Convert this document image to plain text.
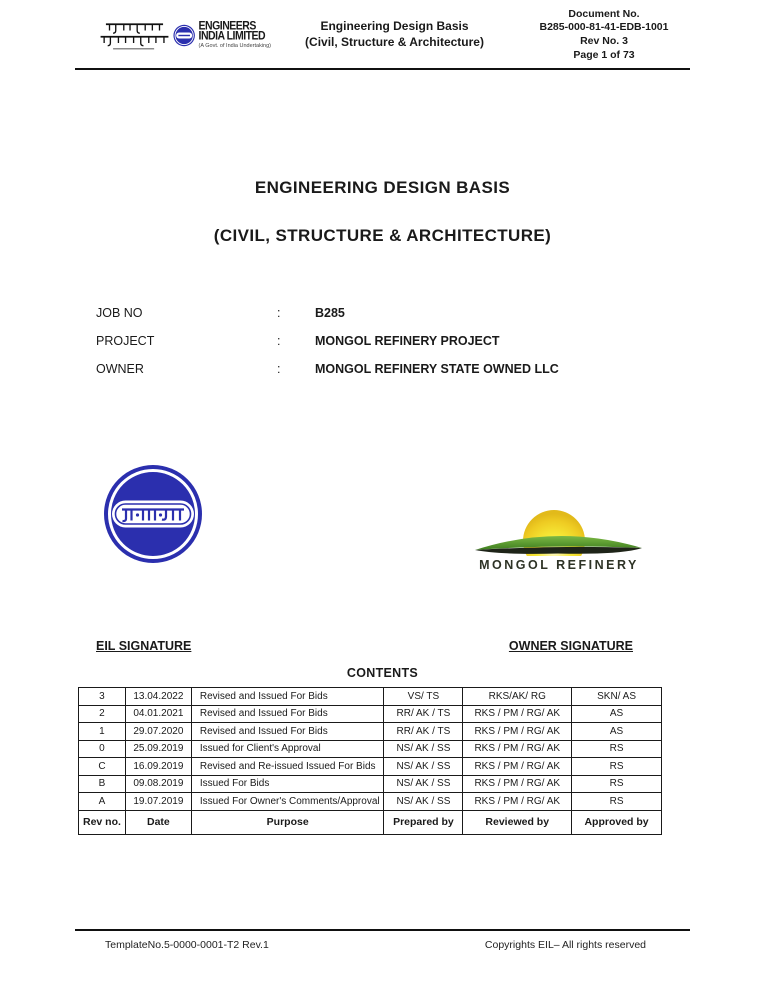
ENGINEERS
INDIA LIMITED
(A Govt. of India Undertaking)
Engineering Design Basis
(Civil, Structure & Architecture)
Document No.
B285-000-81-41-EDB-1001
Rev No. 3
Page 1 of 73
ENGINEERING DESIGN BASIS
(CIVIL, STRUCTURE & ARCHITECTURE)
JOB NO	:	B285
PROJECT	:	MONGOL REFINERY PROJECT
OWNER	:	MONGOL REFINERY STATE OWNED LLC
MONGOL REFINERY
EIL SIGNATURE	OWNER SIGNATURE
CONTENTS
3	13.04.2022	Revised and Issued For Bids	VS/ TS	RKS/AK/ RG	SKN/ AS
2	04.01.2021	Revised and Issued For Bids	RR/ AK / TS	RKS / PM / RG/ AK	AS
1	29.07.2020	Revised and Issued For Bids	RR/ AK / TS	RKS / PM / RG/ AK	AS
0	25.09.2019	Issued for Client's Approval	NS/ AK / SS	RKS / PM / RG/ AK	RS
C	16.09.2019	Revised and Re-issued Issued For Bids	NS/ AK / SS	RKS / PM / RG/ AK	RS
B	09.08.2019	Issued For Bids	NS/ AK / SS	RKS / PM / RG/ AK	RS
A	19.07.2019	Issued For Owner's Comments/Approval	NS/ AK / SS	RKS / PM / RG/ AK	RS
Rev no.	Date	Purpose	Prepared by	Reviewed by	Approved by
TemplateNo.5-0000-0001-T2 Rev.1	Copyrights EIL– All rights reserved
